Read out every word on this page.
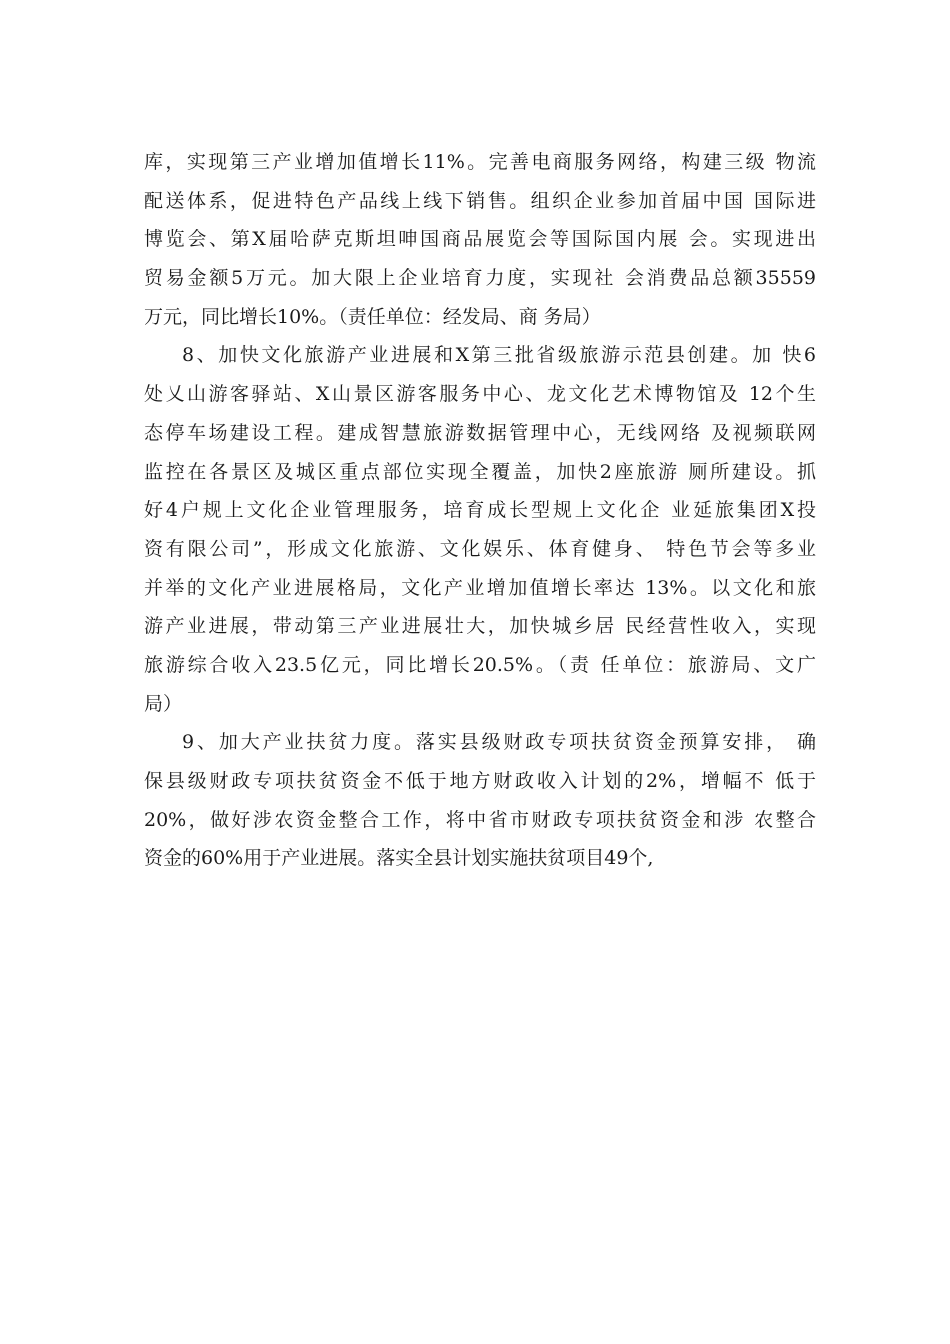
库，实现第三产业增加值增长11%。完善电商服务网络，构建三级 物流
配送体系，促进特色产品线上线下销售。组织企业参加首届中国 国际进
博览会、第X届哈萨克斯坦呻国商品展览会等国际国内展 会。实现进出
贸易金额5万元。加大限上企业培育力度，实现社 会消费品总额35559
万元，同比增长10%。（责任单位：经发局、商 务局）

8、加快文化旅游产业进展和X第三批省级旅游示范县创建。加 快6
处乂山游客驿站、X山景区游客服务中心、龙文化艺术博物馆及 12个生
态停车场建设工程。建成智慧旅游数据管理中心，无线网络 及视频联网
监控在各景区及城区重点部位实现全覆盖，加快2座旅游 厕所建设。抓
好4户规上文化企业管理服务，培育成长型规上文化企 业延旅集团X投
资有限公司”，形成文化旅游、文化娱乐、体育健身、 特色节会等多业
并举的文化产业进展格局，文化产业增加值增长率达 13%。以文化和旅
游产业进展，带动第三产业进展壮大，加快城乡居 民经营性收入，实现
旅游综合收入23.5亿元，同比增长20.5%。（责 任单位：旅游局、文广
局）

9、加大产业扶贫力度。落实县级财政专项扶贫资金预算安排， 确
保县级财政专项扶贫资金不低于地方财政收入计划的2%，增幅不 低于
20%，做好涉农资金整合工作，将中省市财政专项扶贫资金和涉 农整合
资金的60%用于产业进展。落实全县计划实施扶贫项目49个,
